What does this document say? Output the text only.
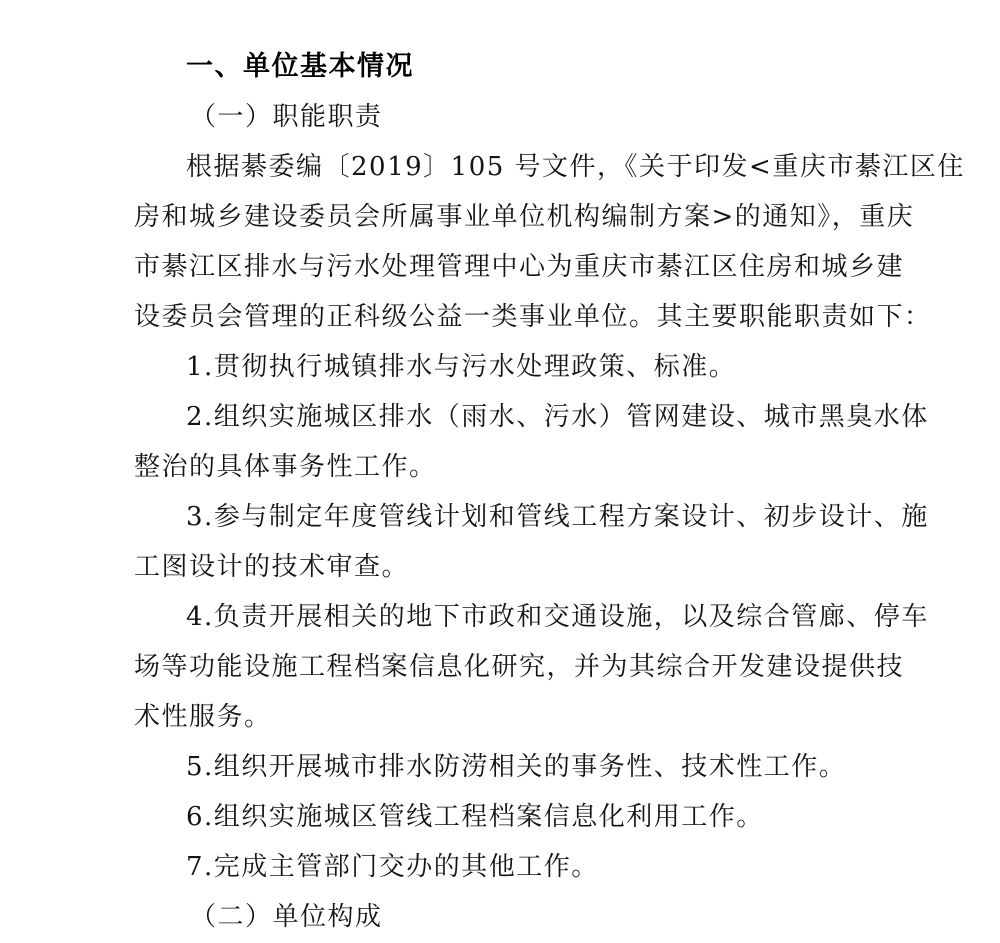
一、单位基本情况
（一）职能职责
根据綦委编〔2019〕105 号文件，《关于印发<重庆市綦江区住
房和城乡建设委员会所属事业单位机构编制方案>的通知》，重庆
市綦江区排水与污水处理管理中心为重庆市綦江区住房和城乡建
设委员会管理的正科级公益一类事业单位。其主要职能职责如下：
1.贯彻执行城镇排水与污水处理政策、标准。
2.组织实施城区排水（雨水、污水）管网建设、城市黑臭水体
整治的具体事务性工作。
3.参与制定年度管线计划和管线工程方案设计、初步设计、施
工图设计的技术审查。
4.负责开展相关的地下市政和交通设施，以及综合管廊、停车
场等功能设施工程档案信息化研究，并为其综合开发建设提供技
术性服务。
5.组织开展城市排水防涝相关的事务性、技术性工作。
6.组织实施城区管线工程档案信息化利用工作。
7.完成主管部门交办的其他工作。
（二）单位构成
